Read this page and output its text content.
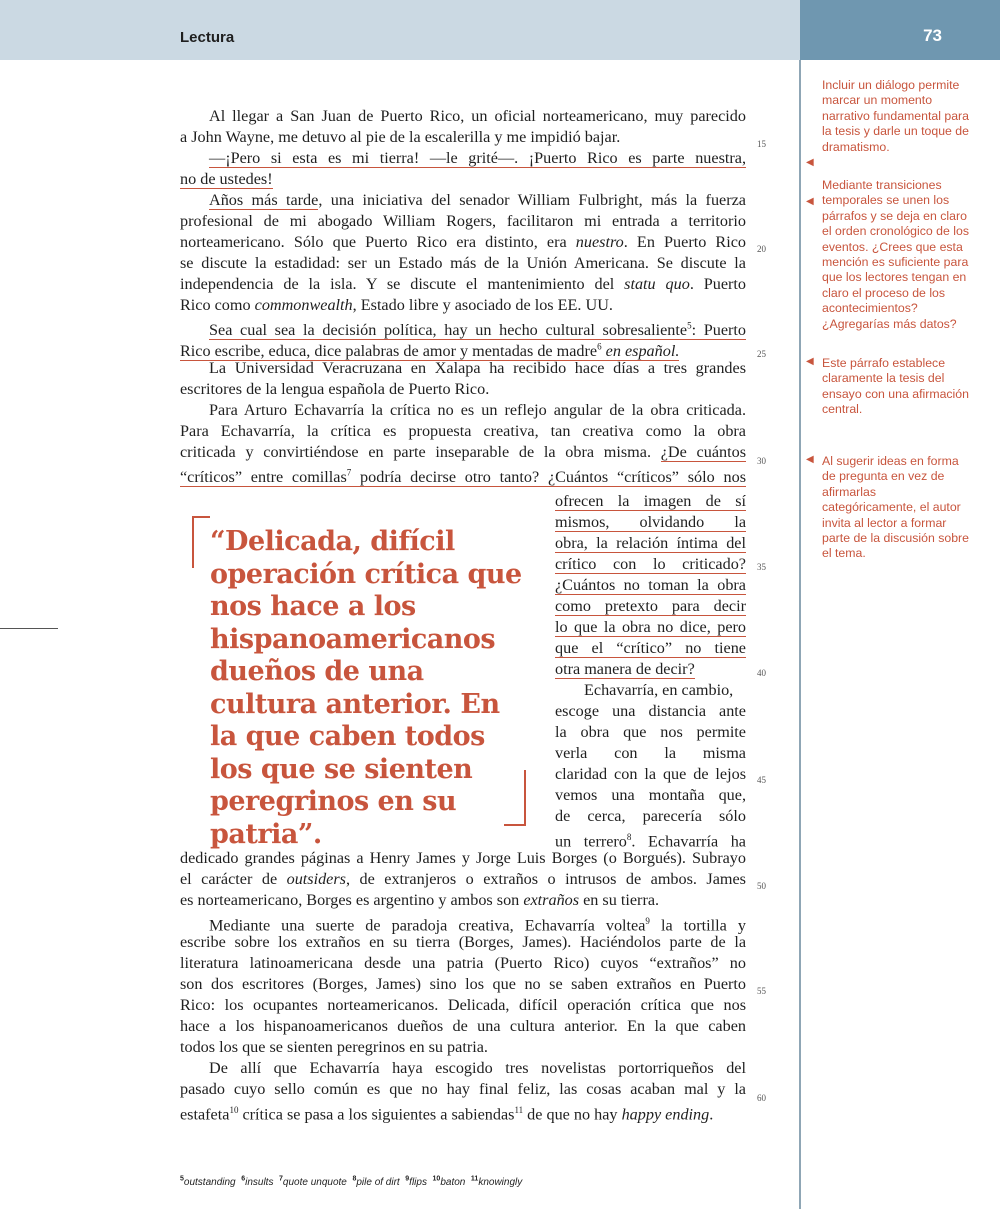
Lectura	73
Al llegar a San Juan de Puerto Rico, un oficial norteamericano, muy parecido
a John Wayne, me detuvo al pie de la escalerilla y me impidió bajar.
—¡Pero si esta es mi tierra! —le grité—. ¡Puerto Rico es parte nuestra,
no de ustedes!
Años más tarde, una iniciativa del senador William Fulbright, más la fuerza
profesional de mi abogado William Rogers, facilitaron mi entrada a territorio
norteamericano. Sólo que Puerto Rico era distinto, era nuestro. En Puerto Rico
se discute la estadidad: ser un Estado más de la Unión Americana. Se discute la
independencia de la isla. Y se discute el mantenimiento del statu quo. Puerto
Rico como commonwealth, Estado libre y asociado de los EE. UU.
Sea cual sea la decisión política, hay un hecho cultural sobresaliente$^5$: Puerto
Rico escribe, educa, dice palabras de amor y mentadas de madre$^6$ en español.
La Universidad Veracruzana en Xalapa ha recibido hace días a tres grandes
escritores de la lengua española de Puerto Rico.
Para Arturo Echavarría la crítica no es un reflejo angular de la obra criticada.
Para Echavarría, la crítica es propuesta creativa, tan creativa como la obra
criticada y convirtiéndose en parte inseparable de la obra misma. ¿De cuántos
“críticos” entre comillas$^7$ podría decirse otro tanto? ¿Cuántos “críticos” sólo nos
ofrecen la imagen de sí
mismos, olvidando la
obra, la relación íntima del
crítico con lo criticado?
¿Cuántos no toman la obra
como pretexto para decir
lo que la obra no dice, pero
que el “crítico” no tiene
otra manera de decir?
Echavarría, en cambio,
escoge una distancia ante
la obra que nos permite
verla con la misma
claridad con la que de lejos
vemos una montaña que,
de cerca, parecería sólo
un terrero$^8$. Echavarría ha
“Delicada, difícil operación crítica que nos hace a los hispanoamericanos dueños de una cultura anterior. En la que caben todos los que se sienten peregrinos en su patria”.
dedicado grandes páginas a Henry James y Jorge Luis Borges (o Borgués). Subrayo
el carácter de outsiders, de extranjeros o extraños o intrusos de ambos. James
es norteamericano, Borges es argentino y ambos son extraños en su tierra.
Mediante una suerte de paradoja creativa, Echavarría voltea$^9$ la tortilla y
escribe sobre los extraños en su tierra (Borges, James). Haciéndolos parte de la
literatura latinoamericana desde una patria (Puerto Rico) cuyos “extraños” no
son dos escritores (Borges, James) sino los que no se saben extraños en Puerto
Rico: los ocupantes norteamericanos. Delicada, difícil operación crítica que nos
hace a los hispanoamericanos dueños de una cultura anterior. En la que caben
todos los que se sienten peregrinos en su patria.
De allí que Echavarría haya escogido tres novelistas portorriqueños del
pasado cuyo sello común es que no hay final feliz, las cosas acaban mal y la
estafeta$^{10}$ crítica se pasa a los siguientes a sabiendas$^{11}$ de que no hay happy ending.
15
20
25
30
35
40
45
50
55
60
Incluir un diálogo permite marcar un momento narrativo fundamental para la tesis y darle un toque de dramatismo.
◀
Mediante transiciones temporales se unen los párrafos y se deja en claro el orden cronológico de los eventos. ¿Crees que esta mención es suficiente para que los lectores tengan en claro el proceso de los acontecimientos? ¿Agregarías más datos?
◀
Este párrafo establece claramente la tesis del ensayo con una afirmación central.
◀
Al sugerir ideas en forma de pregunta en vez de afirmarlas categóricamente, el autor invita al lector a formar parte de la discusión sobre el tema.
◀
$^5$outstanding $^6$insults $^7$quote unquote $^8$pile of dirt $^9$flips $^{10}$baton $^{11}$knowingly
